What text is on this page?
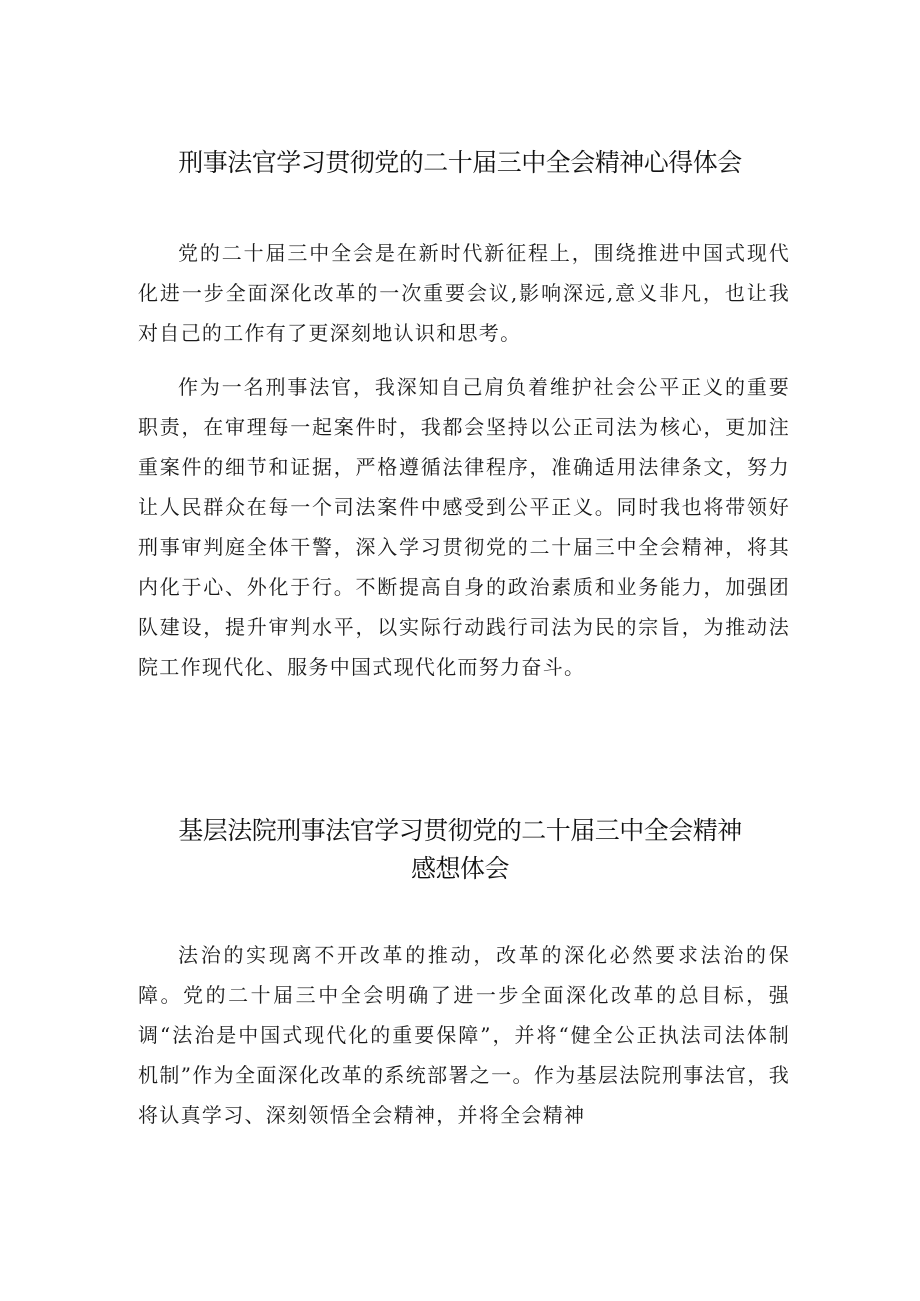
刑事法官学习贯彻党的二十届三中全会精神心得体会

党的二十届三中全会是在新时代新征程上，围绕推进中国式现代化进一步全面深化改革的一次重要会议,影响深远,意义非凡，也让我对自己的工作有了更深刻地认识和思考。

作为一名刑事法官，我深知自己肩负着维护社会公平正义的重要职责，在审理每一起案件时，我都会坚持以公正司法为核心，更加注重案件的细节和证据，严格遵循法律程序，准确适用法律条文，努力让人民群众在每一个司法案件中感受到公平正义。同时我也将带领好刑事审判庭全体干警，深入学习贯彻党的二十届三中全会精神，将其内化于心、外化于行。不断提高自身的政治素质和业务能力，加强团队建设，提升审判水平，以实际行动践行司法为民的宗旨，为推动法院工作现代化、服务中国式现代化而努力奋斗。

基层法院刑事法官学习贯彻党的二十届三中全会精神
感想体会

法治的实现离不开改革的推动，改革的深化必然要求法治的保障。党的二十届三中全会明确了进一步全面深化改革的总目标，强调“法治是中国式现代化的重要保障”，并将“健全公正执法司法体制机制”作为全面深化改革的系统部署之一。作为基层法院刑事法官，我将认真学习、深刻领悟全会精神，并将全会精神
